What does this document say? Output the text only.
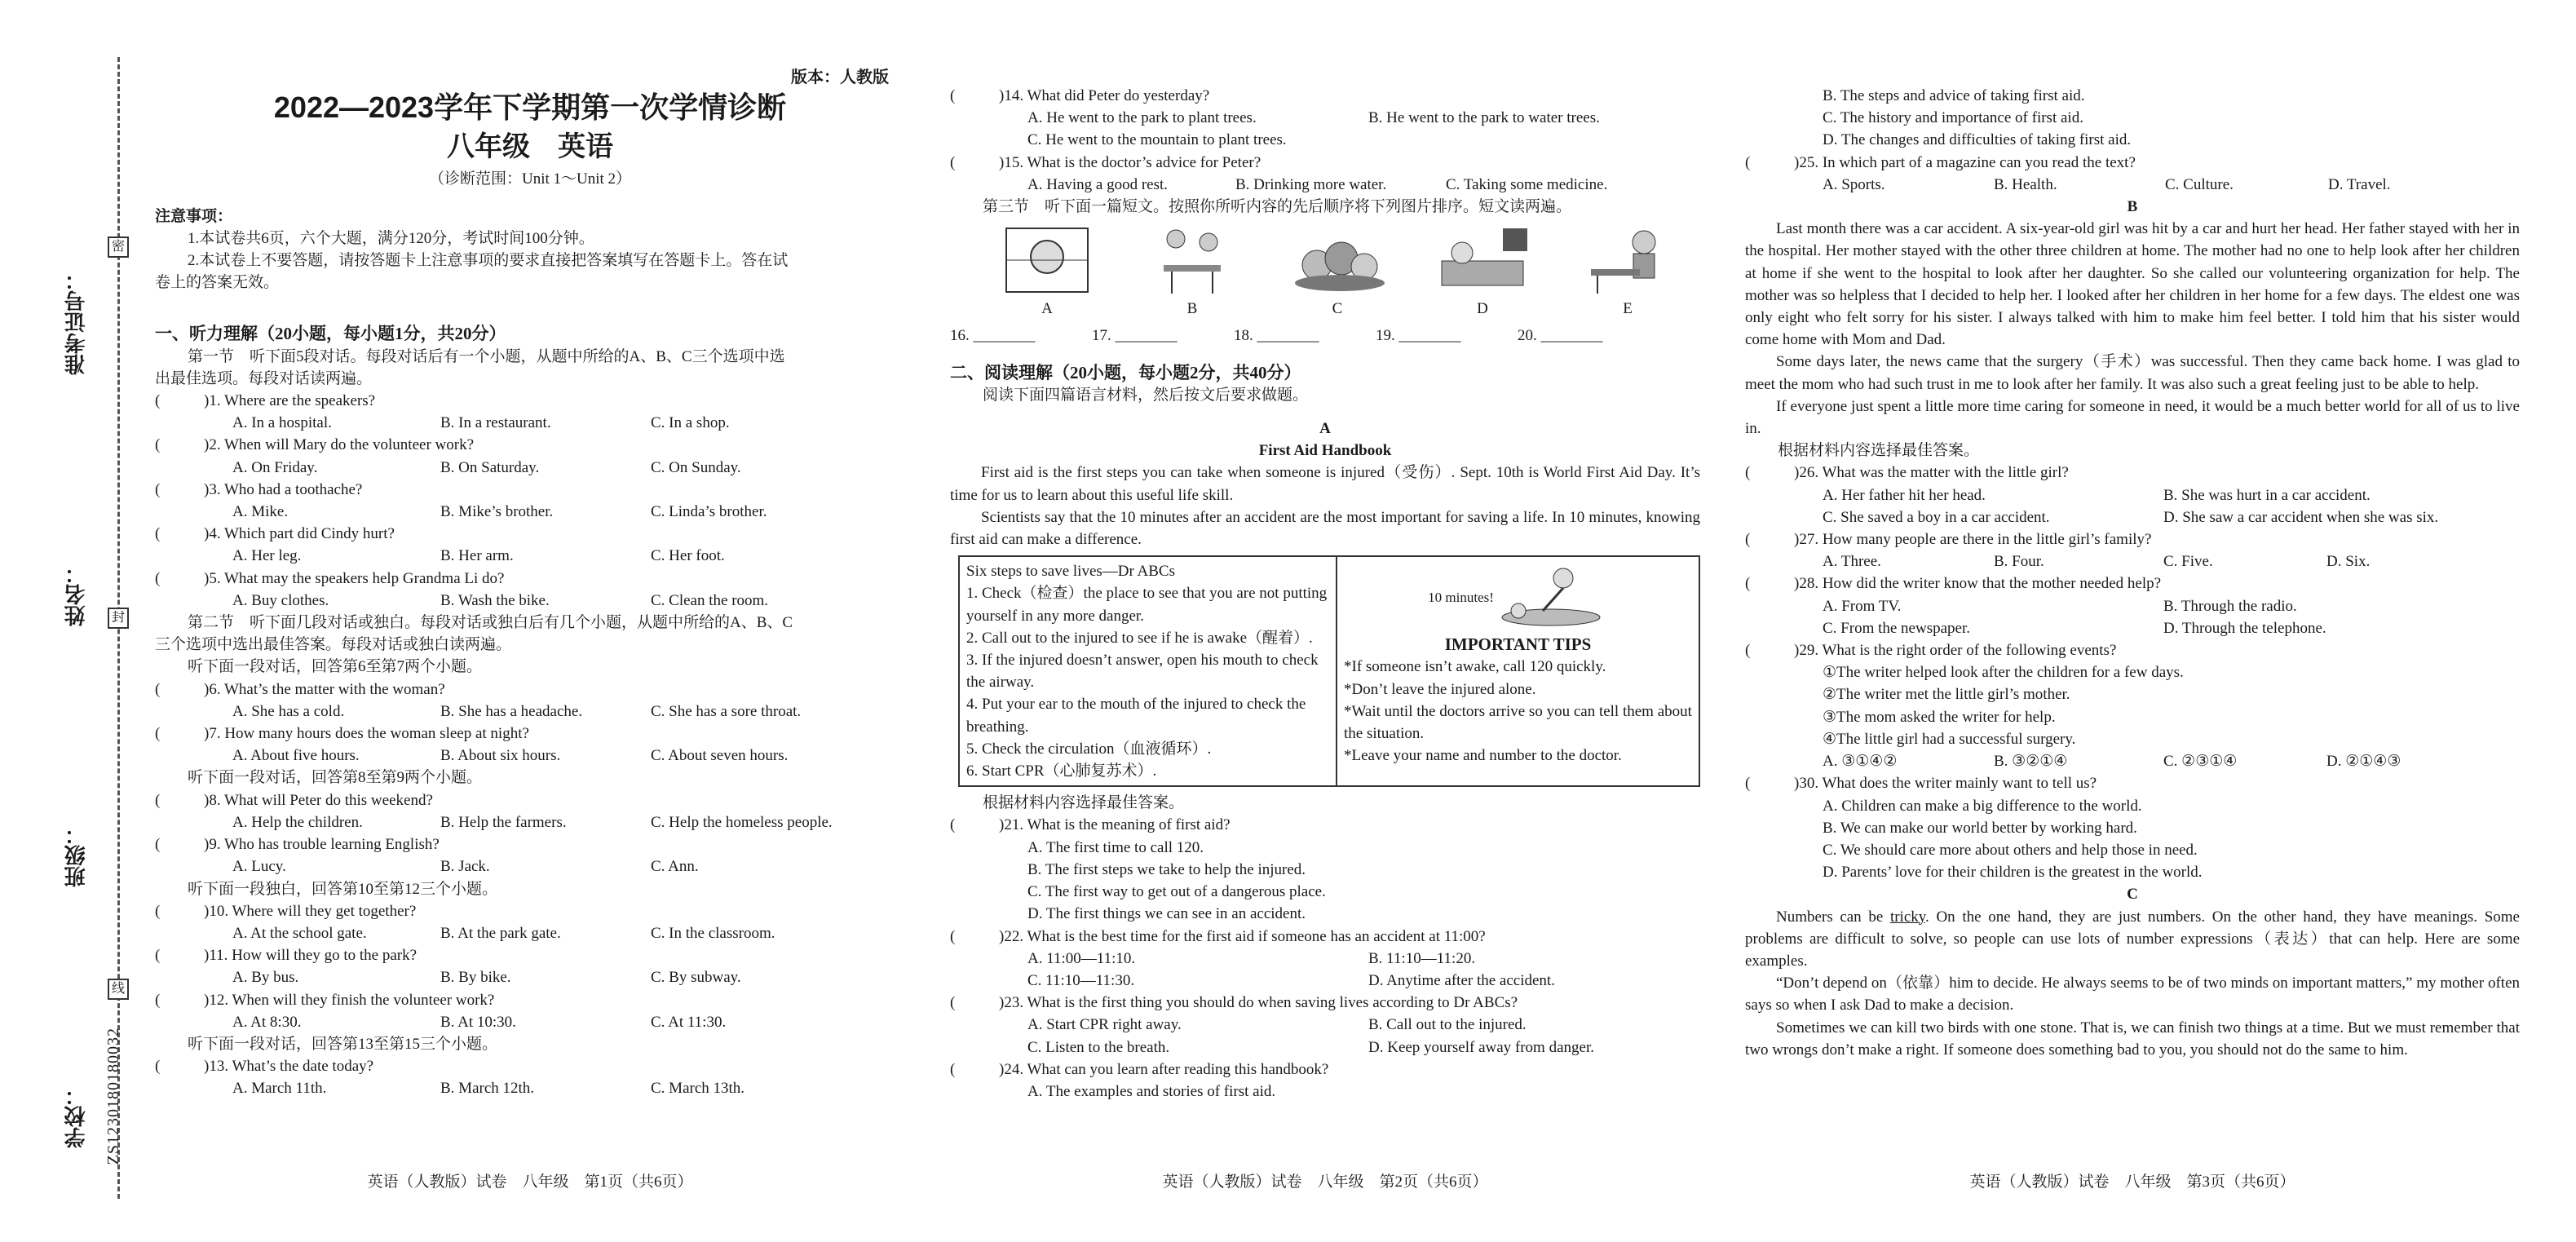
准考证号：
姓名：
班级：
学校：
密
封
线
ZS1230180180032
版本：人教版
2022—2023学年下学期第一次学情诊断
八年级　英语
（诊断范围：Unit 1～Unit 2）

注意事项：

1.本试卷共6页，六个大题，满分120分，考试时间100分钟。

2.本试卷上不要答题，请按答题卡上注意事项的要求直接把答案填写在答题卡上。答在试

卷上的答案无效。

一、听力理解（20小题，每小题1分，共20分）

第一节　听下面5段对话。每段对话后有一个小题，从题中所给的A、B、C三个选项中选

出最佳选项。每段对话读两遍。

(	) 1. Where are the speakers?
A. In a hospital.	B. In a restaurant.	C. In a shop.
(	) 2. When will Mary do the volunteer work?
A. On Friday.	B. On Saturday.	C. On Sunday.
(	) 3. Who had a toothache?
A. Mike.	B. Mike’s brother.	C. Linda’s brother.
(	) 4. Which part did Cindy hurt?
A. Her leg.	B. Her arm.	C. Her foot.
(	) 5. What may the speakers help Grandma Li do?
A. Buy clothes.	B. Wash the bike.	C. Clean the room.

第二节　听下面几段对话或独白。每段对话或独白后有几个小题，从题中所给的A、B、C

三个选项中选出最佳答案。每段对话或独白读两遍。

听下面一段对话，回答第6至第7两个小题。

(	) 6. What’s the matter with the woman?
A. She has a cold.	B. She has a headache.	C. She has a sore throat.
(	) 7. How many hours does the woman sleep at night?
A. About five hours.	B. About six hours.	C. About seven hours.

听下面一段对话，回答第8至第9两个小题。

(	) 8. What will Peter do this weekend?
A. Help the children.	B. Help the farmers.	C. Help the homeless people.
(	) 9. Who has trouble learning English?
A. Lucy.	B. Jack.	C. Ann.

听下面一段独白，回答第10至第12三个小题。

(	) 10. Where will they get together?
A. At the school gate.	B. At the park gate.	C. In the classroom.
(	) 11. How will they go to the park?
A. By bus.	B. By bike.	C. By subway.
(	) 12. When will they finish the volunteer work?
A. At 8:30.	B. At 10:30.	C. At 11:30.

听下面一段对话，回答第13至第15三个小题。

(	) 13. What’s the date today?
A. March 11th.	B. March 12th.	C. March 13th.
英语（人教版）试卷　八年级　第1页（共6页）
(	) 14. What did Peter do yesterday?
A. He went to the park to plant trees.	B. He went to the park to water trees.
C. He went to the mountain to plant trees.
(	) 15. What is the doctor’s advice for Peter?
A. Having a good rest.	B. Drinking more water.	C. Taking some medicine.

第三节　听下面一篇短文。按照你所听内容的先后顺序将下列图片排序。短文读两遍。

A	B	C	D	E
16. ________	17. ________	18. ________	19. ________	20. ________

二、阅读理解（20小题，每小题2分，共40分）

阅读下面四篇语言材料，然后按文后要求做题。

A

First Aid Handbook

First aid is the first steps you can take when someone is injured（受伤）. Sept. 10th is World First Aid Day. It’s time for us to learn about this useful life skill.

Scientists say that the 10 minutes after an accident are the most important for saving a life. In 10 minutes, knowing first aid can make a difference.

Six steps to save lives—Dr ABCs
1. Check（检查）the place to see that you are not putting yourself in any more danger.
2. Call out to the injured to see if he is awake（醒着）.
3. If the injured doesn’t answer, open his mouth to check the airway.
4. Put your ear to the mouth of the injured to check the breathing.
5. Check the circulation（血液循环）.
6. Start CPR（心肺复苏术）.
10 minutes!
IMPORTANT TIPS
*If someone isn’t awake, call 120 quickly.
*Don’t leave the injured alone.
*Wait until the doctors arrive so you can tell them about the situation.
*Leave your name and number to the doctor.

根据材料内容选择最佳答案。

(	) 21. What is the meaning of first aid?
A. The first time to call 120.
B. The first steps we take to help the injured.
C. The first way to get out of a dangerous place.
D. The first things we can see in an accident.
(	) 22. What is the best time for the first aid if someone has an accident at 11:00?
A. 11:00—11:10.	B. 11:10—11:20.
C. 11:10—11:30.	D. Anytime after the accident.
(	) 23. What is the first thing you should do when saving lives according to Dr ABCs?
A. Start CPR right away.	B. Call out to the injured.
C. Listen to the breath.	D. Keep yourself away from danger.
(	) 24. What can you learn after reading this handbook?
A. The examples and stories of first aid.
英语（人教版）试卷　八年级　第2页（共6页）
B. The steps and advice of taking first aid.
C. The history and importance of first aid.
D. The changes and difficulties of taking first aid.
(	) 25. In which part of a magazine can you read the text?
A. Sports.	B. Health.	C. Culture.	D. Travel.

B

Last month there was a car accident. A six-year-old girl was hit by a car and hurt her head. Her father stayed with her in the hospital. Her mother stayed with the other three children at home. The mother had no one to help look after her children at home if she went to the hospital to look after her daughter. So she called our volunteering organization for help. The mother was so helpless that I decided to help her. I looked after her children in her home for a few days. The eldest one was only eight who felt sorry for his sister. I always talked with him to make him feel better. I told him that his sister would come home with Mom and Dad.

Some days later, the news came that the surgery（手术）was successful. Then they came back home. I was glad to meet the mom who had such trust in me to look after her family. It was also such a great feeling just to be able to help.

If everyone just spent a little more time caring for someone in need, it would be a much better world for all of us to live in.

根据材料内容选择最佳答案。

(	) 26. What was the matter with the little girl?
A. Her father hit her head.	B. She was hurt in a car accident.
C. She saved a boy in a car accident.	D. She saw a car accident when she was six.
(	) 27. How many people are there in the little girl’s family?
A. Three.	B. Four.	C. Five.	D. Six.
(	) 28. How did the writer know that the mother needed help?
A. From TV.	B. Through the radio.
C. From the newspaper.	D. Through the telephone.
(	) 29. What is the right order of the following events?
①The writer helped look after the children for a few days.
②The writer met the little girl’s mother.
③The mom asked the writer for help.
④The little girl had a successful surgery.
A. ③①④②	B. ③②①④	C. ②③①④	D. ②①④③
(	) 30. What does the writer mainly want to tell us?
A. Children can make a big difference to the world.
B. We can make our world better by working hard.
C. We should care more about others and help those in need.
D. Parents’ love for their children is the greatest in the world.

C

Numbers can be tricky. On the one hand, they are just numbers. On the other hand, they have meanings. Some problems are difficult to solve, so people can use lots of number expressions（表达）that can help. Here are some examples.

“Don’t depend on（依靠）him to decide. He always seems to be of two minds on important matters,” my mother often says so when I ask Dad to make a decision.

Sometimes we can kill two birds with one stone. That is, we can finish two things at a time. But we must remember that two wrongs don’t make a right. If someone does something bad to you, you should not do the same to him.

英语（人教版）试卷　八年级　第3页（共6页）
